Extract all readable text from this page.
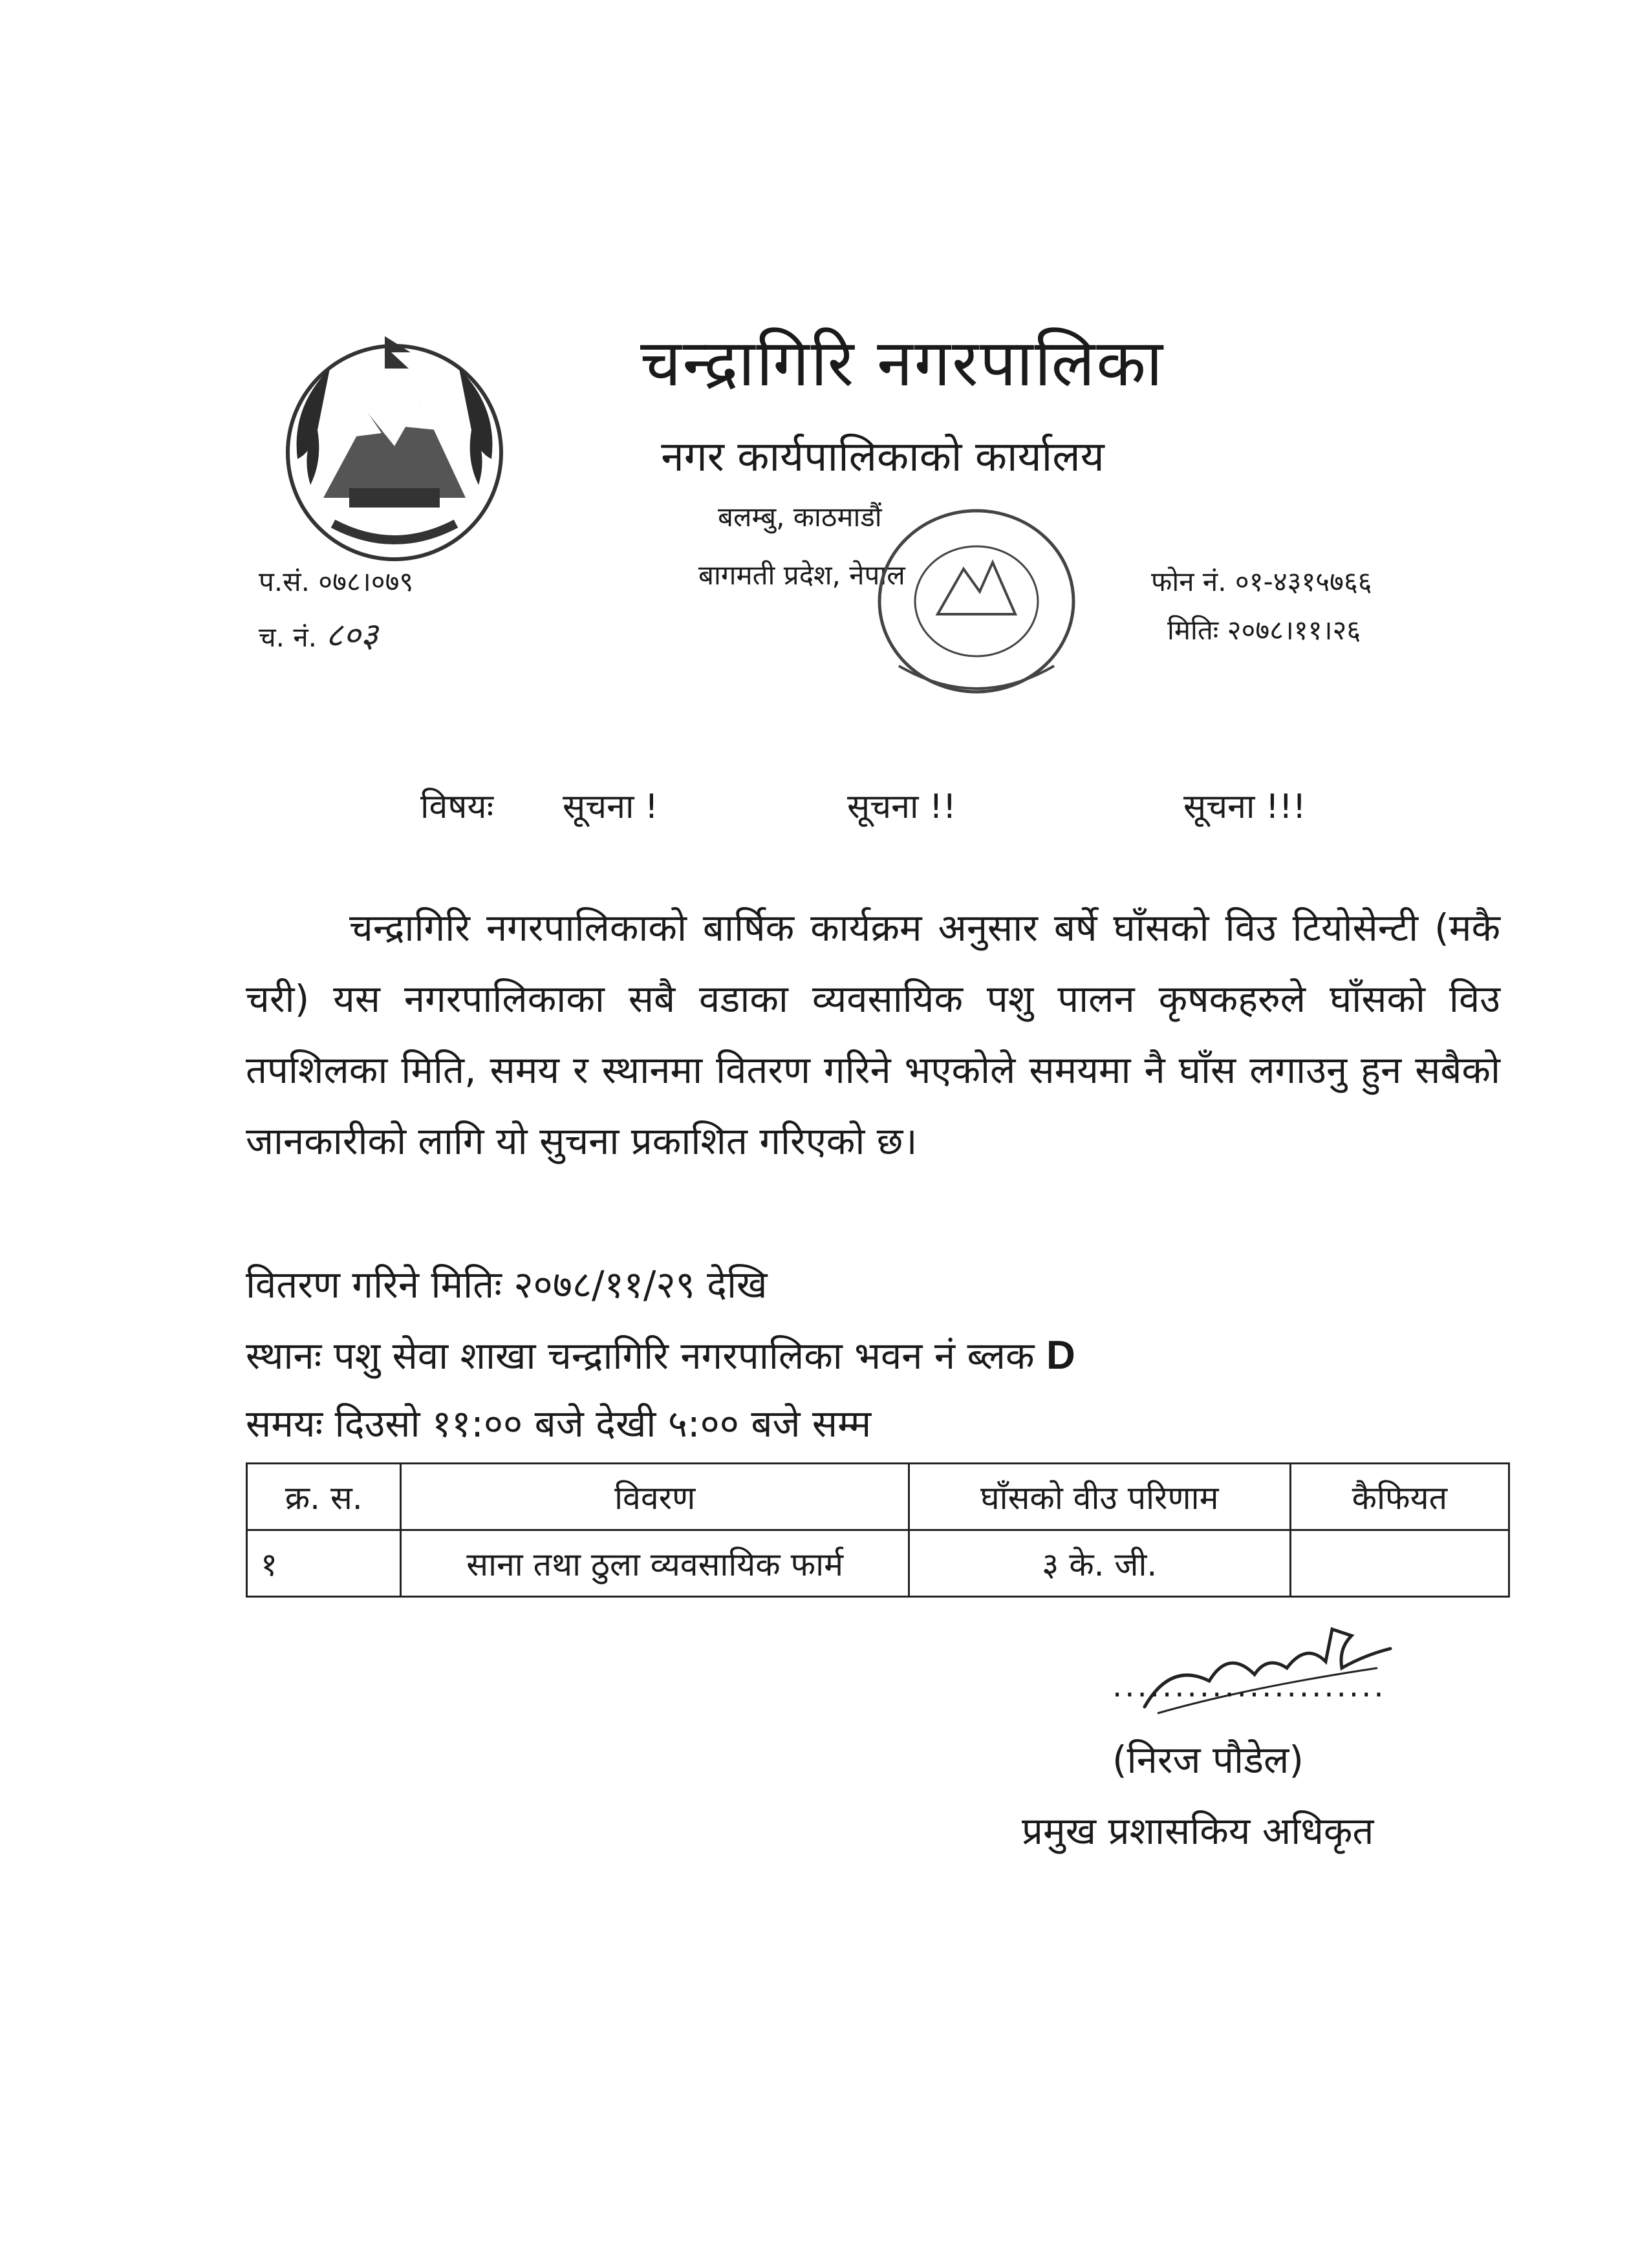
चन्द्रागिरि नगरपालिका
नगर कार्यपालिकाको कार्यालय
बलम्बु, काठमाडौं
बागमती प्रदेश, नेपाल
प.सं. ०७८।०७९
च. नं. ८०३
फोन नं. ०१-४३१५७६६
मितिः २०७८।११।२६
विषयः सूचना !	सूचना !!	सूचना !!!
चन्द्रागिरि नगरपालिकाको बार्षिक कार्यक्रम अनुसार बर्षे घाँसको विउ टियोसेन्टी (मकै चरी) यस नगरपालिकाका सबै वडाका व्यवसायिक पशु पालन कृषकहरुले घाँसको विउ तपशिलका मिति, समय र स्थानमा वितरण गरिने भएकोले समयमा नै घाँस लगाउनु हुन सबैको जानकारीको लागि यो सुचना प्रकाशित गरिएको छ।
वितरण गरिने मितिः २०७८/११/२९ देखि
स्थानः पशु सेवा शाखा चन्द्रागिरि नगरपालिका भवन नं ब्लक D
समयः दिउसो ११:०० बजे देखी ५:०० बजे सम्म
क्र. स.	विवरण	घाँसको वीउ परिणाम	कैफियत
१	साना तथा ठुला व्यवसायिक फार्म	३ के. जी.	
......................
(निरज पौडेल)
प्रमुख प्रशासकिय अधिकृत
